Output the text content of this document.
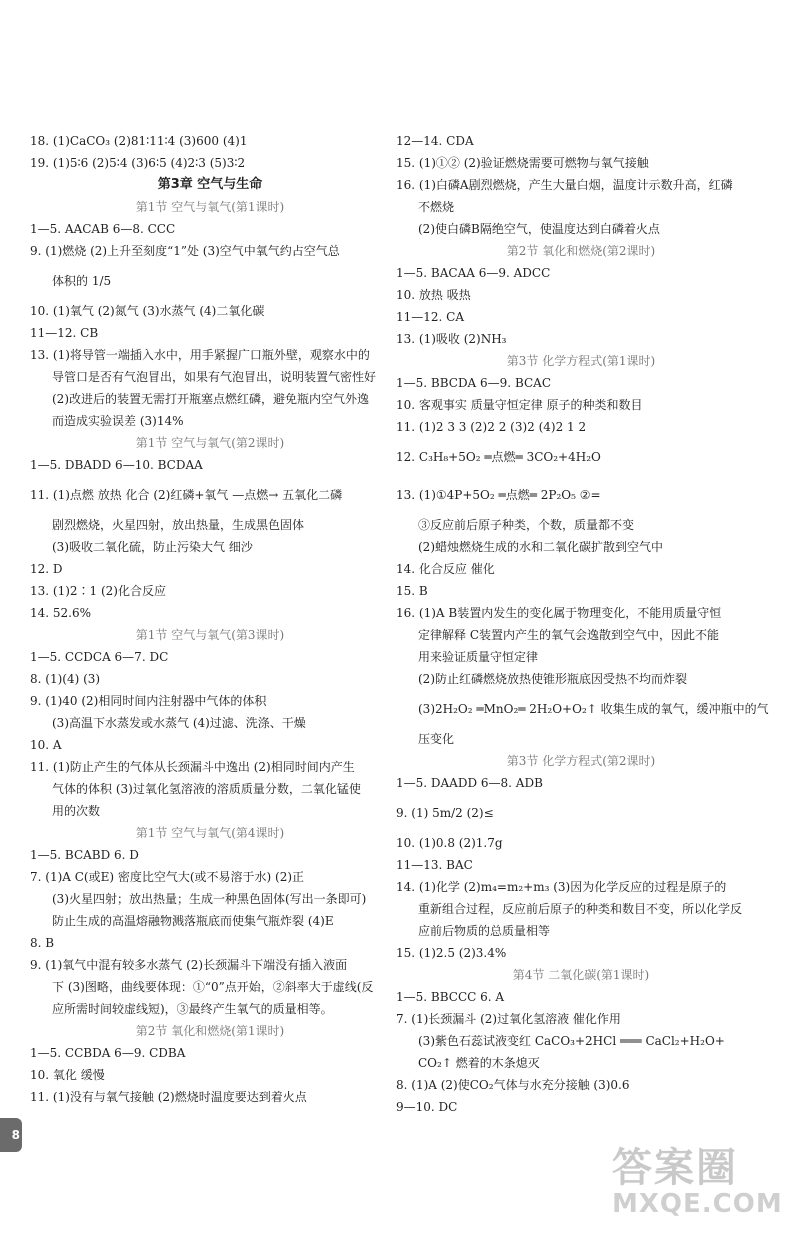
18. (1)CaCO₃ (2)81∶11∶4 (3)600 (4)1
19. (1)5∶6 (2)5∶4 (3)6∶5 (4)2∶3 (5)3∶2
第3章 空气与生命
第1节 空气与氧气(第1课时)
1—5. AACAB 6—8. CCC
9. (1)燃烧 (2)上升至刻度“1”处 (3)空气中氧气约占空气总
体积的 1/5
10. (1)氧气 (2)氮气 (3)水蒸气 (4)二氧化碳
11—12. CB
13. (1)将导管一端插入水中，用手紧握广口瓶外壁，观察水中的
导管口是否有气泡冒出，如果有气泡冒出，说明装置气密性好
(2)改进后的装置无需打开瓶塞点燃红磷，避免瓶内空气外逸
而造成实验误差 (3)14%
第1节 空气与氧气(第2课时)
1—5. DBADD 6—10. BCDAA
11. (1)点燃 放热 化合 (2)红磷+氧气 —点燃→ 五氧化二磷
剧烈燃烧，火星四射，放出热量，生成黑色固体
(3)吸收二氧化硫，防止污染大气 细沙
12. D
13. (1)2∶1 (2)化合反应
14. 52.6%
第1节 空气与氧气(第3课时)
1—5. CCDCA 6—7. DC
8. (1)(4) (3)
9. (1)40 (2)相同时间内注射器中气体的体积
(3)高温下水蒸发或水蒸气 (4)过滤、洗涤、干燥
10. A
11. (1)防止产生的气体从长颈漏斗中逸出 (2)相同时间内产生
气体的体积 (3)过氧化氢溶液的溶质质量分数，二氧化锰使
用的次数
第1节 空气与氧气(第4课时)
1—5. BCABD 6. D
7. (1)A C(或E) 密度比空气大(或不易溶于水) (2)正
(3)火星四射；放出热量；生成一种黑色固体(写出一条即可)
防止生成的高温熔融物溅落瓶底而使集气瓶炸裂 (4)E
8. B
9. (1)氧气中混有较多水蒸气 (2)长颈漏斗下端没有插入液面
下 (3)图略，曲线要体现：①“0”点开始，②斜率大于虚线(反
应所需时间较虚线短)，③最终产生氧气的质量相等。
第2节 氧化和燃烧(第1课时)
1—5. CCBDA 6—9. CDBA
10. 氧化 缓慢
11. (1)没有与氧气接触 (2)燃烧时温度要达到着火点
12—14. CDA
15. (1)①② (2)验证燃烧需要可燃物与氧气接触
16. (1)白磷A剧烈燃烧，产生大量白烟，温度计示数升高，红磷
不燃烧
(2)使白磷B隔绝空气，使温度达到白磷着火点
第2节 氧化和燃烧(第2课时)
1—5. BACAA 6—9. ADCC
10. 放热 吸热
11—12. CA
13. (1)吸收 (2)NH₃
第3节 化学方程式(第1课时)
1—5. BBCDA 6—9. BCAC
10. 客观事实 质量守恒定律 原子的种类和数目
11. (1)2 3 3 (2)2 2 (3)2 (4)2 1 2
12. C₃H₈+5O₂ ═点燃═ 3CO₂+4H₂O
13. (1)①4P+5O₂ ═点燃═ 2P₂O₅ ②=
③反应前后原子种类，个数，质量都不变
(2)蜡烛燃烧生成的水和二氧化碳扩散到空气中
14. 化合反应 催化
15. B
16. (1)A B装置内发生的变化属于物理变化，不能用质量守恒
定律解释 C装置内产生的氧气会逸散到空气中，因此不能
用来验证质量守恒定律
(2)防止红磷燃烧放热使锥形瓶底因受热不均而炸裂
(3)2H₂O₂ ═MnO₂═ 2H₂O+O₂↑ 收集生成的氧气，缓冲瓶中的气
压变化
第3节 化学方程式(第2课时)
1—5. DAADD 6—8. ADB
9. (1) 5m/2 (2)≤
10. (1)0.8 (2)1.7g
11—13. BAC
14. (1)化学 (2)m₄=m₂+m₃ (3)因为化学反应的过程是原子的
重新组合过程，反应前后原子的种类和数目不变，所以化学反
应前后物质的总质量相等
15. (1)2.5 (2)3.4%
第4节 二氧化碳(第1课时)
1—5. BBCCC 6. A
7. (1)长颈漏斗 (2)过氧化氢溶液 催化作用
(3)紫色石蕊试液变红 CaCO₃+2HCl ═══ CaCl₂+H₂O+
CO₂↑ 燃着的木条熄灭
8. (1)A (2)使CO₂气体与水充分接触 (3)0.6
9—10. DC
8
答案圈
MXQE.COM
